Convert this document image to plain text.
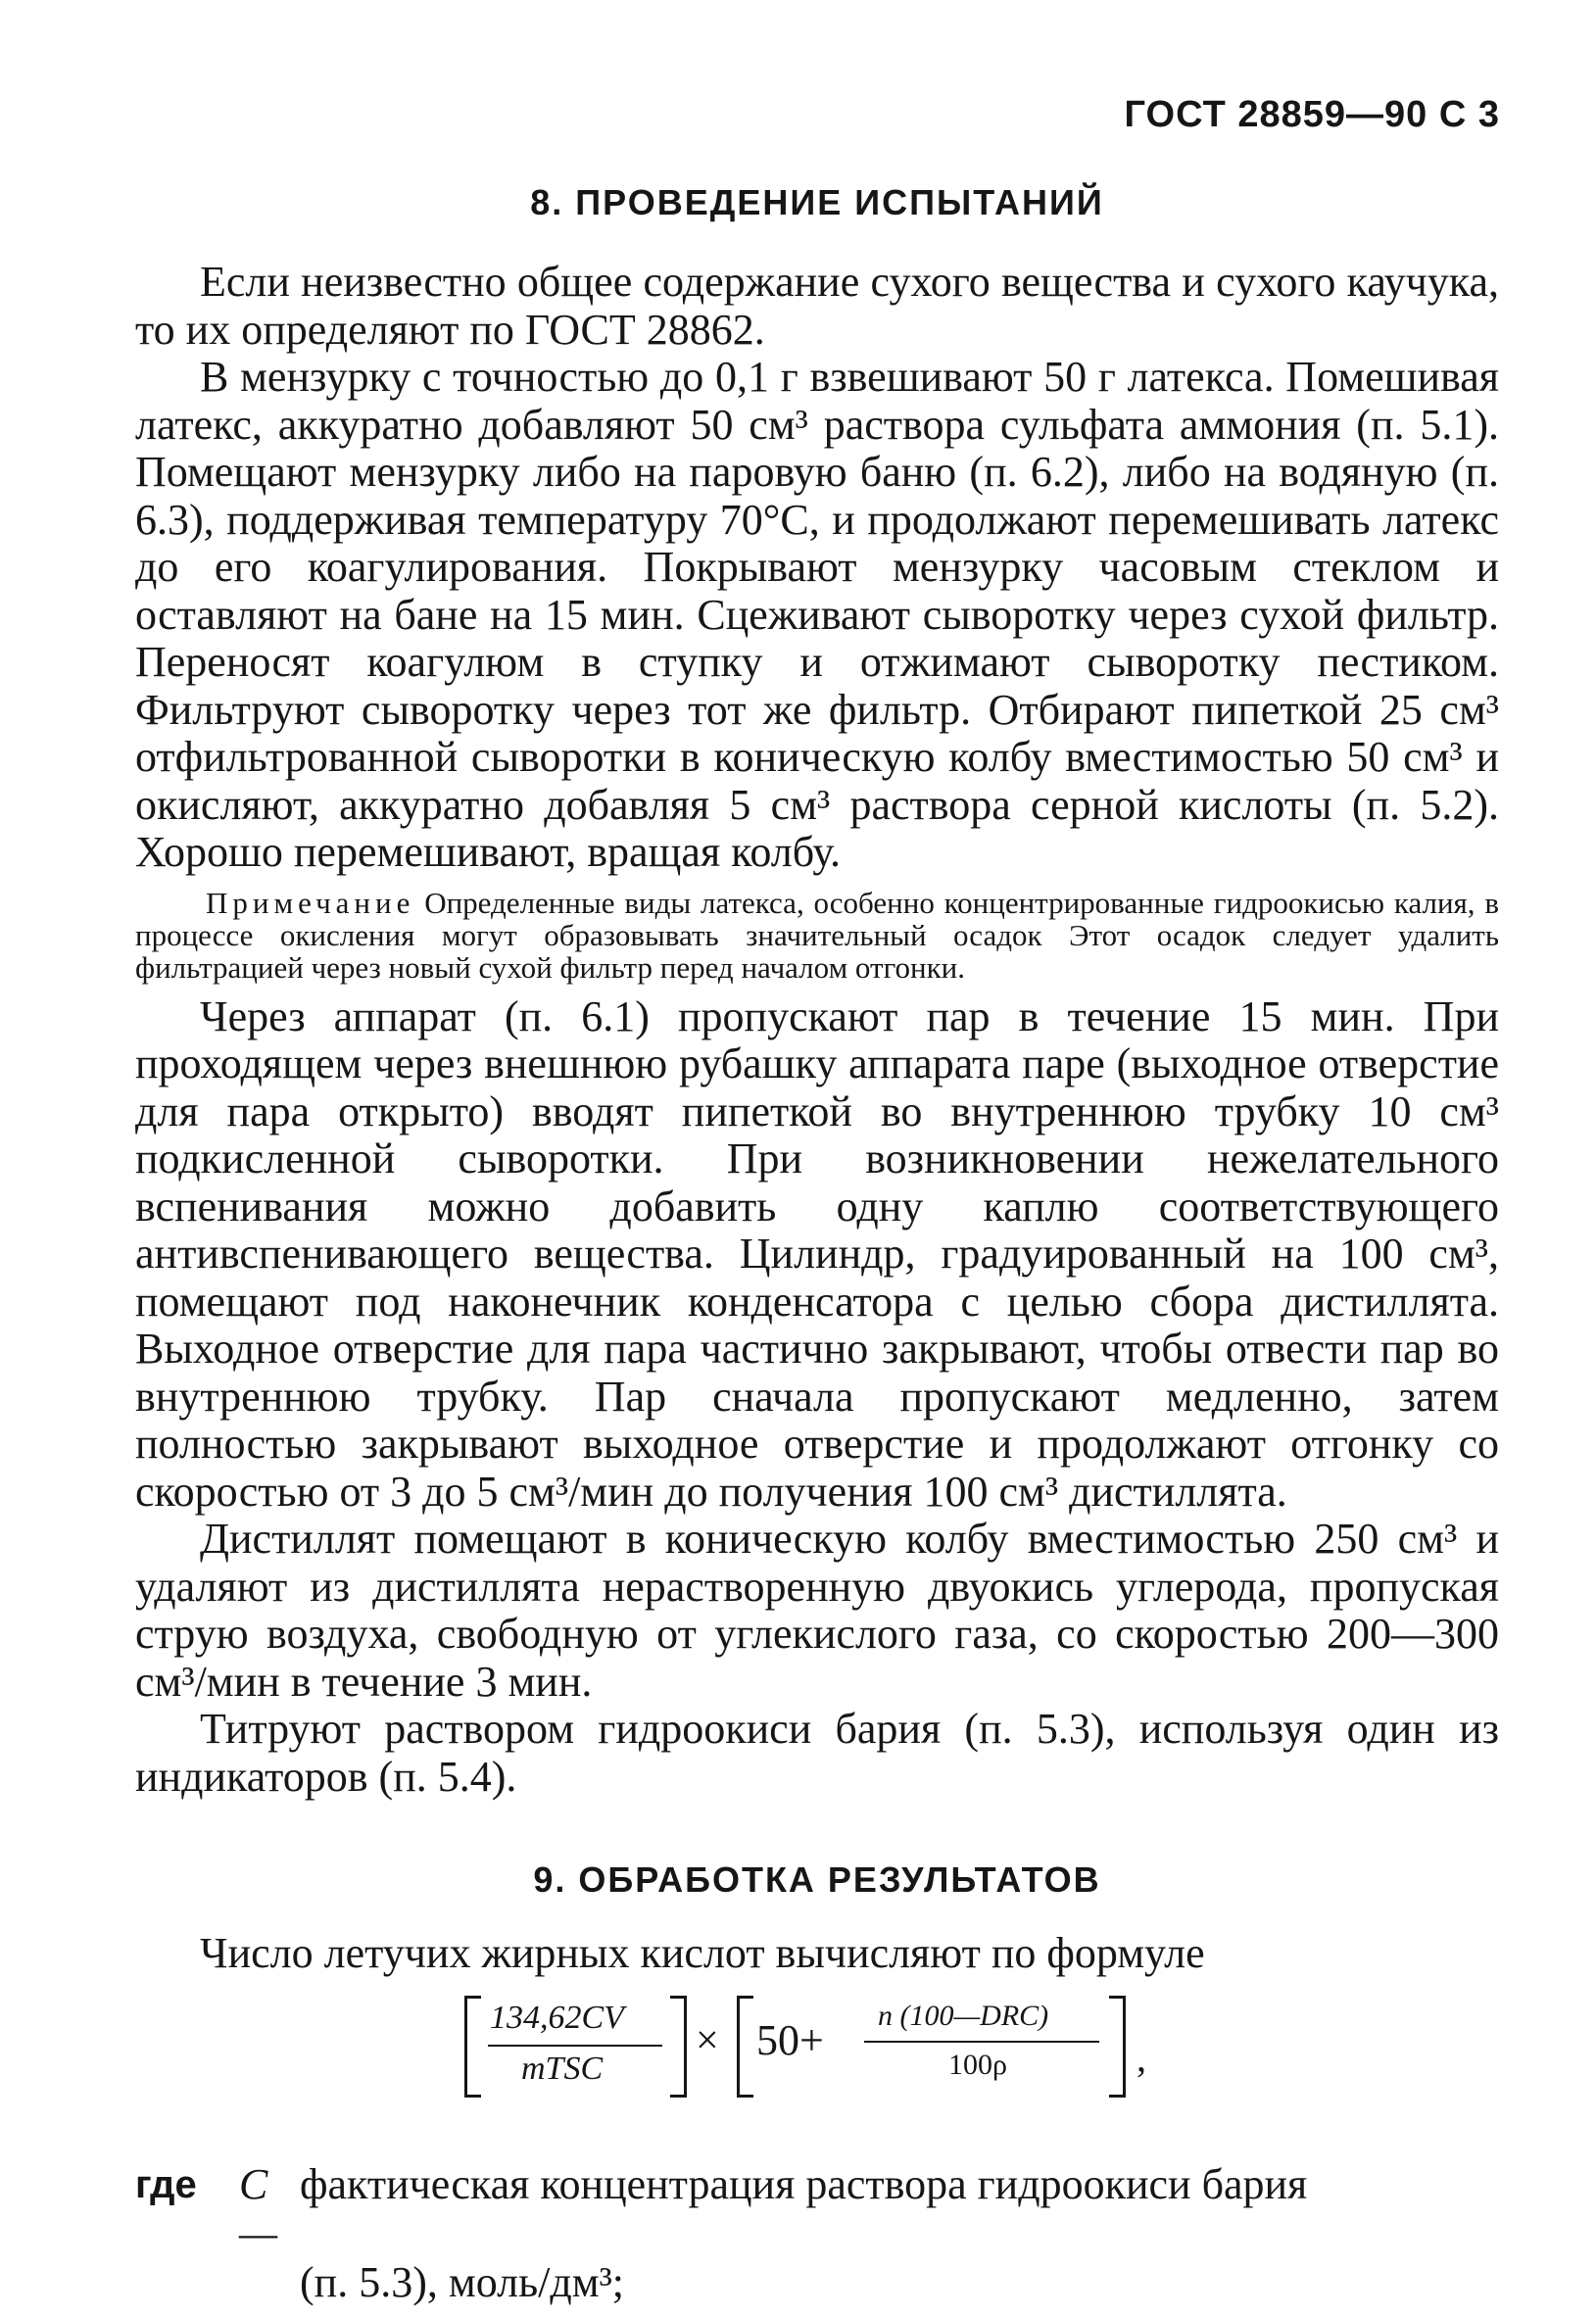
ГОСТ 28859—90 С 3
8. ПРОВЕДЕНИЕ ИСПЫТАНИЙ

Если неизвестно общее содержание сухого вещества и сухого каучука, то их определяют по ГОСТ 28862.

В мензурку с точностью до 0,1 г взвешивают 50 г латекса. Помешивая латекс, аккуратно добавляют 50 см³ раствора сульфата аммония (п. 5.1). Помещают мензурку либо на паровую баню (п. 6.2), либо на водяную (п. 6.3), поддерживая температуру 70°С, и продолжают перемешивать латекс до его коагулирования. Покрывают мензурку часовым стеклом и оставляют на бане на 15 мин. Сцеживают сыворотку через сухой фильтр. Переносят коагулюм в ступку и отжимают сыворотку пестиком. Фильтруют сыворотку через тот же фильтр. Отбирают пипеткой 25 см³ отфильтрованной сыворотки в коническую колбу вместимостью 50 см³ и окисляют, аккуратно добавляя 5 см³ раствора серной кислоты (п. 5.2). Хорошо перемешивают, вращая колбу.

Примечание Определенные виды латекса, особенно концентрированные гидроокисью калия, в процессе окисления могут образовывать значительный осадок Этот осадок следует удалить фильтрацией через новый сухой фильтр перед началом отгонки.

Через аппарат (п. 6.1) пропускают пар в течение 15 мин. При проходящем через внешнюю рубашку аппарата паре (выходное отверстие для пара открыто) вводят пипеткой во внутреннюю трубку 10 см³ подкисленной сыворотки. При возникновении нежелательного вспенивания можно добавить одну каплю соответствующего антивспенивающего вещества. Цилиндр, градуированный на 100 см³, помещают под наконечник конденсатора с целью сбора дистиллята. Выходное отверстие для пара частично закрывают, чтобы отвести пар во внутреннюю трубку. Пар сначала пропускают медленно, затем полностью закрывают выходное отверстие и продолжают отгонку со скоростью от 3 до 5 см³/мин до получения 100 см³ дистиллята.

Дистиллят помещают в коническую колбу вместимостью 250 см³ и удаляют из дистиллята нерастворенную двуокись углерода, пропуская струю воздуха, свободную от углекислого газа, со скоростью 200—300 см³/мин в течение 3 мин.

Титруют раствором гидроокиси бария (п. 5.3), используя один из индикаторов (п. 5.4).

9. ОБРАБОТКА РЕЗУЛЬТАТОВ

Число летучих жирных кислот вычисляют по формуле

134,62CV
mTSC
× 50+
n (100—DRC)
100ρ	,
где С —
фактическая концентрация раствора гидроокиси бария
(п. 5.3), моль/дм³;
